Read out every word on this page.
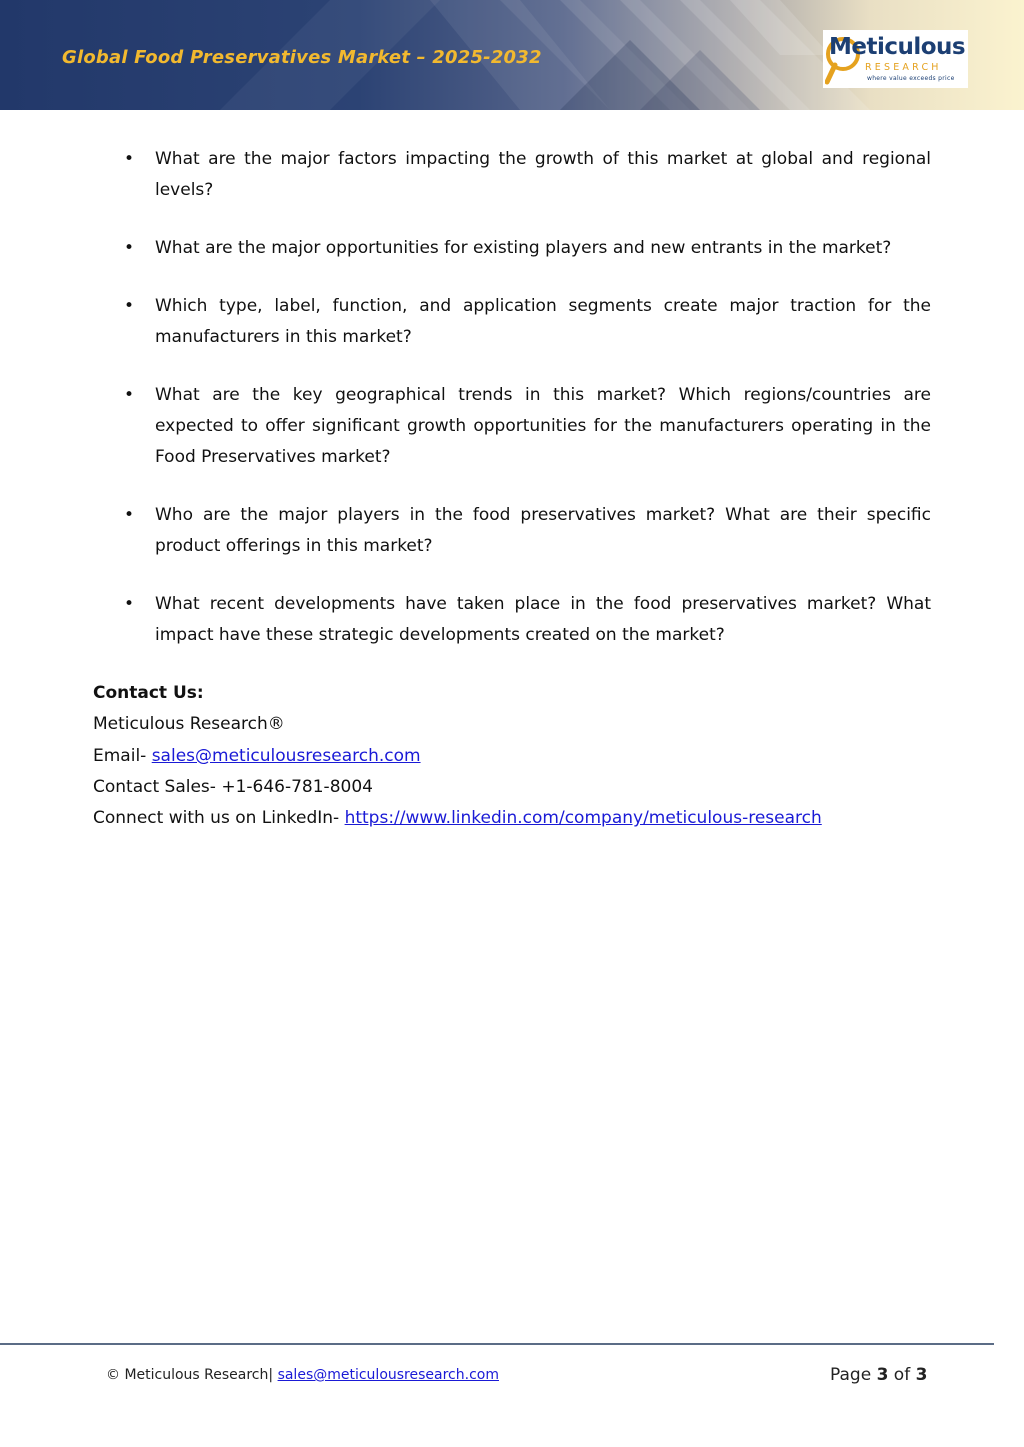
Global Food Preservatives Market – 2025-2032	Meticulous
RESEARCH
where value exceeds price
• What are the major factors impacting the growth of this market at global and regional levels?
• What are the major opportunities for existing players and new entrants in the market?
• Which type, label, function, and application segments create major traction for the manufacturers in this market?
• What are the key geographical trends in this market? Which regions/countries are expected to offer significant growth opportunities for the manufacturers operating in the Food Preservatives market?
• Who are the major players in the food preservatives market? What are their specific product offerings in this market?
• What recent developments have taken place in the food preservatives market? What impact have these strategic developments created on the market?
Contact Us:
Meticulous Research®
Email- sales@meticulousresearch.com
Contact Sales- +1-646-781-8004
Connect with us on LinkedIn- https://www.linkedin.com/company/meticulous-research
© Meticulous Research| sales@meticulousresearch.com	Page 3 of 3
